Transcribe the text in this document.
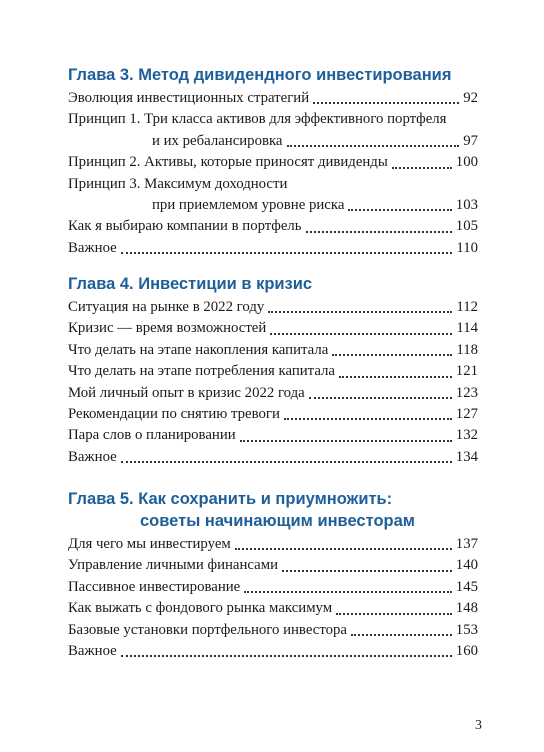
Глава 3. Метод дивидендного инвестирования
Эволюция инвестиционных стратегий	92
Принцип 1. Три класса активов для эффективного портфеля
и их ребалансировка	97
Принцип 2. Активы, которые приносят дивиденды	100
Принцип 3. Максимум доходности
при приемлемом уровне риска	103
Как я выбираю компании в портфель	105
Важное	110
Глава 4. Инвестиции в кризис
Ситуация на рынке в 2022 году	112
Кризис — время возможностей	114
Что делать на этапе накопления капитала	118
Что делать на этапе потребления капитала	121
Мой личный опыт в кризис 2022 года	123
Рекомендации по снятию тревоги	127
Пара слов о планировании	132
Важное	134
Глава 5. Как сохранить и приумножить:
советы начинающим инвесторам
Для чего мы инвестируем	137
Управление личными финансами	140
Пассивное инвестирование	145
Как выжать с фондового рынка максимум	148
Базовые установки портфельного инвестора	153
Важное	160
3
